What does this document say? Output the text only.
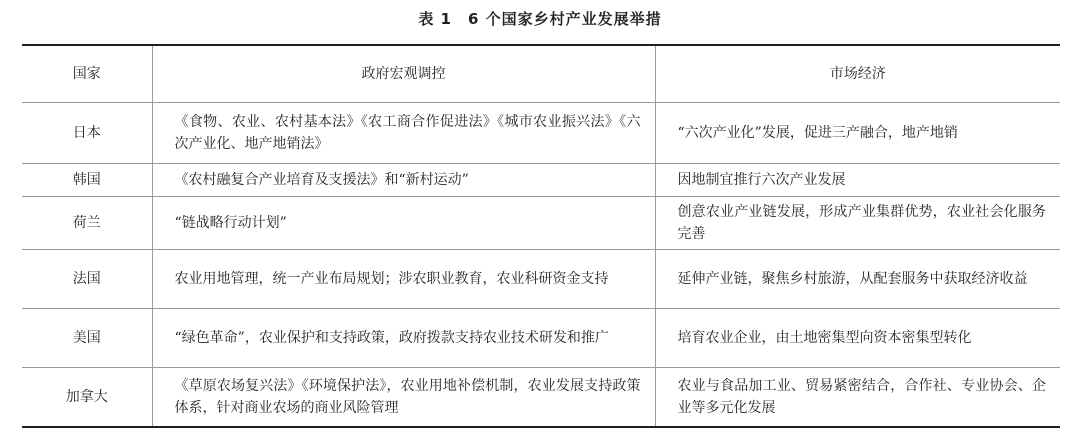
表 1　6 个国家乡村产业发展举措
国家	政府宏观调控	市场经济
日本	《食物、农业、农村基本法》《农工商合作促进法》《城市农业振兴法》《六次产业化、地产地销法》	“六次产业化”发展，促进三产融合，地产地销
韩国	《农村融复合产业培育及支援法》和“新村运动”	因地制宜推行六次产业发展
荷兰	“链战略行动计划”	创意农业产业链发展，形成产业集群优势，农业社会化服务完善
法国	农业用地管理，统一产业布局规划；涉农职业教育，农业科研资金支持	延伸产业链，聚焦乡村旅游，从配套服务中获取经济收益
美国	“绿色革命”，农业保护和支持政策，政府拨款支持农业技术研发和推广	培育农业企业，由土地密集型向资本密集型转化
加拿大	《草原农场复兴法》《环境保护法》，农业用地补偿机制，农业发展支持政策体系，针对商业农场的商业风险管理	农业与食品加工业、贸易紧密结合，合作社、专业协会、企业等多元化发展
